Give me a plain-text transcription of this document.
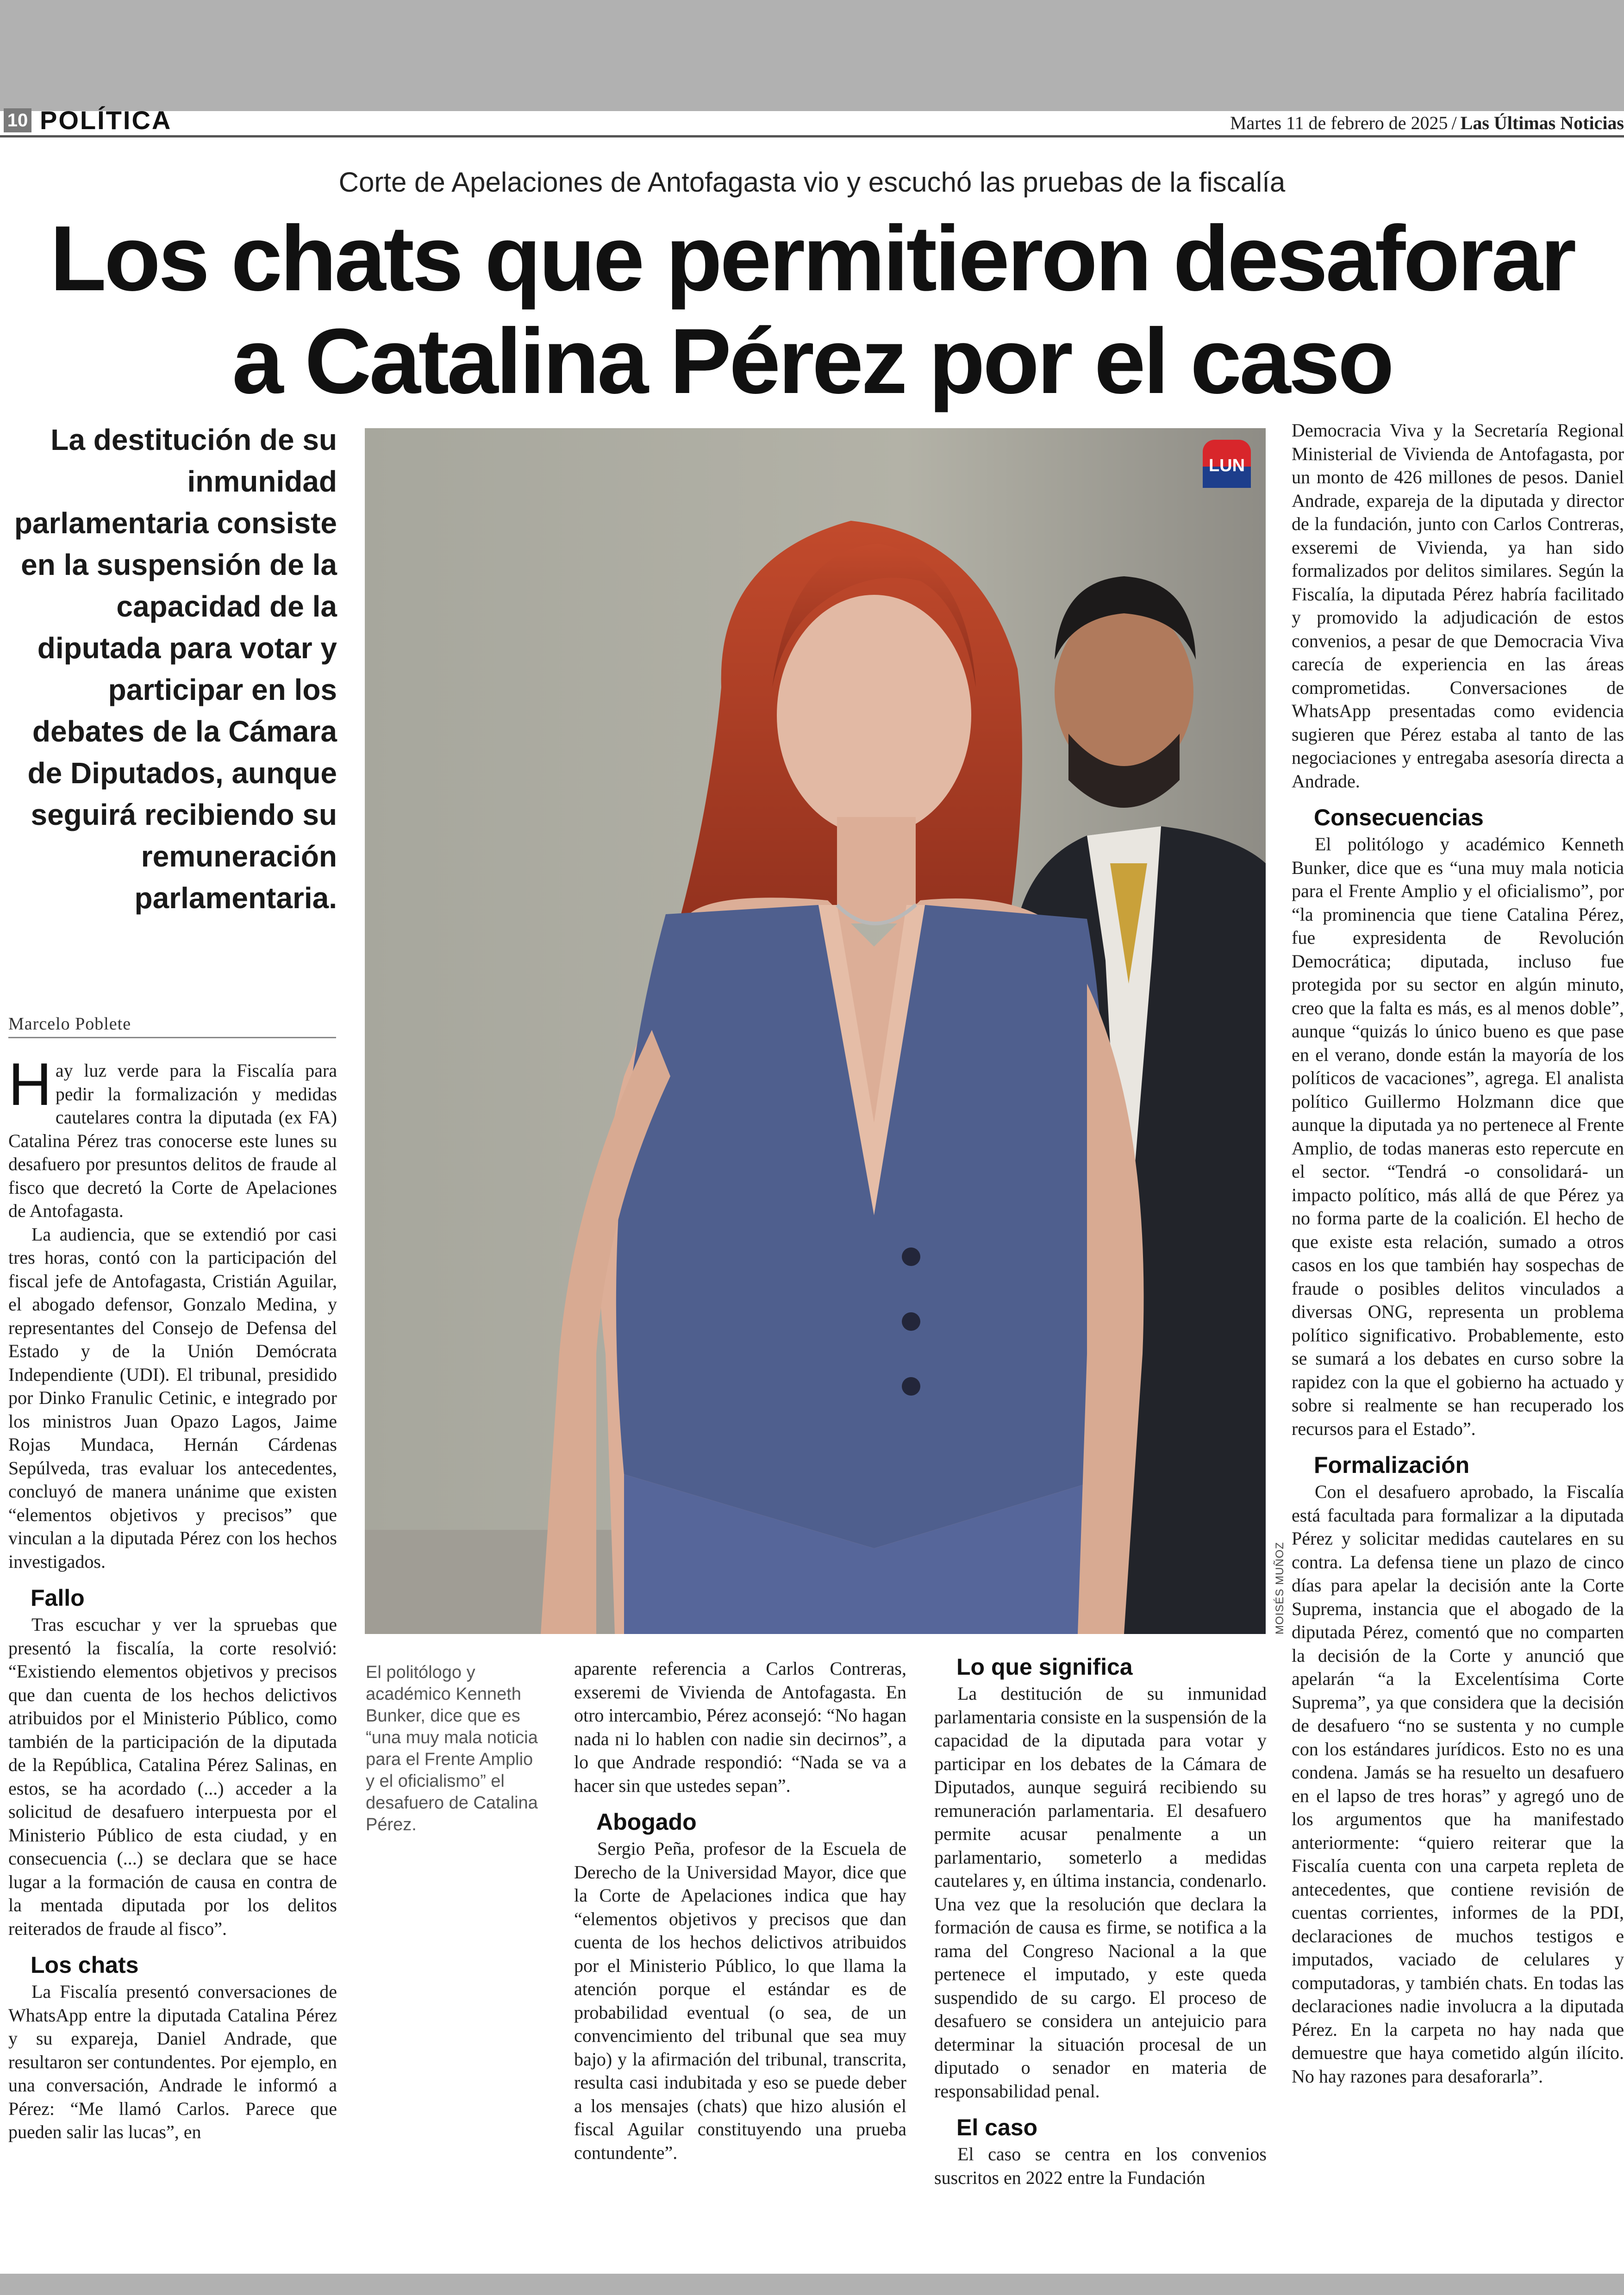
10 POLÍTICA	Martes 11 de febrero de 2025 / Las Últimas Noticias
Corte de Apelaciones de Antofagasta vio y escuchó las pruebas de la fiscalía
Los chats que permitieron desaforar a Catalina Pérez por el caso
La destitución de su inmunidad parlamentaria consiste en la suspensión de la capacidad de la diputada para votar y participar en los debates de la Cámara de Diputados, aunque seguirá recibiendo su remuneración parlamentaria.
Marcelo Poblete
LUN
MOISÉS MUÑOZ
El politólogo y académico Kenneth Bunker, dice que es “una muy mala noticia para el Frente Amplio y el oficialismo” el desafuero de Catalina Pérez.

Hay luz verde para la Fiscalía para pedir la formalización y medidas cautelares contra la diputada (ex FA) Catalina Pérez tras conocerse este lunes su desafuero por presuntos delitos de fraude al fisco que decretó la Corte de Apelaciones de Antofagasta.

La audiencia, que se extendió por casi tres horas, contó con la participación del fiscal jefe de Antofagasta, Cristián Aguilar, el abogado defensor, Gonzalo Medina, y representantes del Consejo de Defensa del Estado y de la Unión Demócrata Independiente (UDI). El tribunal, presidido por Dinko Franulic Cetinic, e integrado por los ministros Juan Opazo Lagos, Jaime Rojas Mundaca, Hernán Cárdenas Sepúlveda, tras evaluar los antecedentes, concluyó de manera unánime que existen “elementos objetivos y precisos” que vinculan a la diputada Pérez con los hechos investigados.

Fallo

Tras escuchar y ver la spruebas que presentó la fiscalía, la corte resolvió: “Existiendo elementos objetivos y precisos que dan cuenta de los hechos delictivos atribuidos por el Ministerio Público, como también de la participación de la diputada de la República, Catalina Pérez Salinas, en estos, se ha acordado (...) acceder a la solicitud de desafuero interpuesta por el Ministerio Público de esta ciudad, y en consecuencia (...) se declara que se hace lugar a la formación de causa en contra de la mentada diputada por los delitos reiterados de fraude al fisco”.

Los chats

La Fiscalía presentó conversaciones de WhatsApp entre la diputada Catalina Pérez y su expareja, Daniel Andrade, que resultaron ser contundentes. Por ejemplo, en una conversación, Andrade le informó a Pérez: “Me llamó Carlos. Parece que pueden salir las lucas”, en

aparente referencia a Carlos Contreras, exseremi de Vivienda de Antofagasta. En otro intercambio, Pérez aconsejó: “No hagan nada ni lo hablen con nadie sin decirnos”, a lo que Andrade respondió: “Nada se va a hacer sin que ustedes sepan”.

Abogado

Sergio Peña, profesor de la Escuela de Derecho de la Universidad Mayor, dice que la Corte de Apelaciones indica que hay “elementos objetivos y precisos que dan cuenta de los hechos delictivos atribuidos por el Ministerio Público, lo que llama la atención porque el estándar es de probabilidad eventual (o sea, de un convencimiento del tribunal que sea muy bajo) y la afirmación del tribunal, transcrita, resulta casi indubitada y eso se puede deber a los mensajes (chats) que hizo alusión el fiscal Aguilar constituyendo una prueba contundente”.

Lo que significa

La destitución de su inmunidad parlamentaria consiste en la suspensión de la capacidad de la diputada para votar y participar en los debates de la Cámara de Diputados, aunque seguirá recibiendo su remuneración parlamentaria. El desafuero permite acusar penalmente a un parlamentario, someterlo a medidas cautelares y, en última instancia, condenarlo. Una vez que la resolución que declara la formación de causa es firme, se notifica a la rama del Congreso Nacional a la que pertenece el imputado, y este queda suspendido de su cargo. El proceso de desafuero se considera un antejuicio para determinar la situación procesal de un diputado o senador en materia de responsabilidad penal.

El caso

El caso se centra en los convenios suscritos en 2022 entre la Fundación

Democracia Viva y la Secretaría Regional Ministerial de Vivienda de Antofagasta, por un monto de 426 millones de pesos. Daniel Andrade, expareja de la diputada y director de la fundación, junto con Carlos Contreras, exseremi de Vivienda, ya han sido formalizados por delitos similares. Según la Fiscalía, la diputada Pérez habría facilitado y promovido la adjudicación de estos convenios, a pesar de que Democracia Viva carecía de experiencia en las áreas comprometidas. Conversaciones de WhatsApp presentadas como evidencia sugieren que Pérez estaba al tanto de las negociaciones y entregaba asesoría directa a Andrade.

Consecuencias

El politólogo y académico Kenneth Bunker, dice que es “una muy mala noticia para el Frente Amplio y el oficialismo”, por “la prominencia que tiene Catalina Pérez, fue expresidenta de Revolución Democrática; diputada, incluso fue protegida por su sector en algún minuto, creo que la falta es más, es al menos doble”, aunque “quizás lo único bueno es que pase en el verano, donde están la mayoría de los políticos de vacaciones”, agrega. El analista político Guillermo Holzmann dice que aunque la diputada ya no pertenece al Frente Amplio, de todas maneras esto repercute en el sector. “Tendrá -o consolidará- un impacto político, más allá de que Pérez ya no forma parte de la coalición. El hecho de que existe esta relación, sumado a otros casos en los que también hay sospechas de fraude o posibles delitos vinculados a diversas ONG, representa un problema político significativo. Probablemente, esto se sumará a los debates en curso sobre la rapidez con la que el gobierno ha actuado y sobre si realmente se han recuperado los recursos para el Estado”.

Formalización

Con el desafuero aprobado, la Fiscalía está facultada para formalizar a la diputada Pérez y solicitar medidas cautelares en su contra. La defensa tiene un plazo de cinco días para apelar la decisión ante la Corte Suprema, instancia que el abogado de la diputada Pérez, comentó que no comparten la decisión de la Corte y anunció que apelarán “a la Excelentísima Corte Suprema”, ya que considera que la decisión de desafuero “no se sustenta y no cumple con los estándares jurídicos. Esto no es una condena. Jamás se ha resuelto un desafuero en el lapso de tres horas” y agregó uno de los argumentos que ha manifestado anteriormente: “quiero reiterar que la Fiscalía cuenta con una carpeta repleta de antecedentes, que contiene revisión de cuentas corrientes, informes de la PDI, declaraciones de muchos testigos e imputados, vaciado de celulares y computadoras, y también chats. En todas las declaraciones nadie involucra a la diputada Pérez. En la carpeta no hay nada que demuestre que haya cometido algún ilícito. No hay razones para desaforarla”.
